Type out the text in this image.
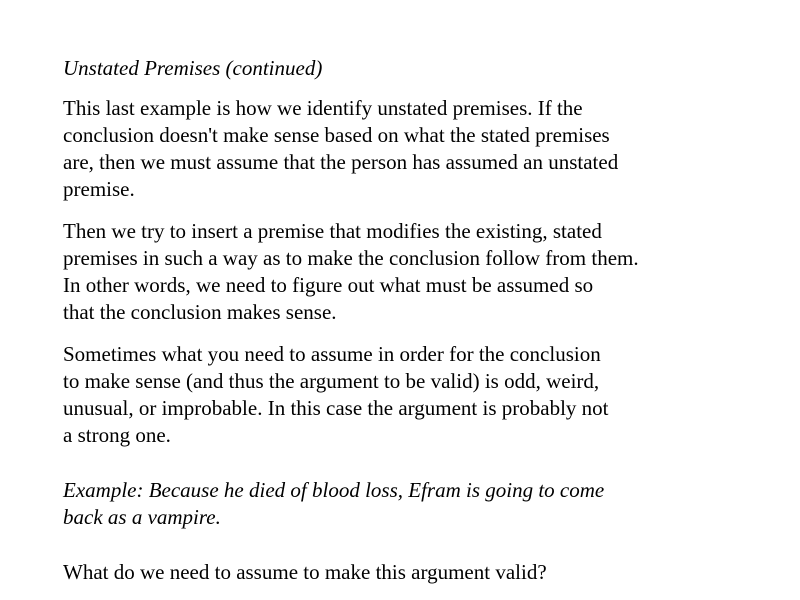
Unstated Premises (continued)
This last example is how we identify unstated premises. If the
conclusion doesn't make sense based on what the stated premises
are, then we must assume that the person has assumed an unstated
premise.
Then we try to insert a premise that modifies the existing, stated
premises in such a way as to make the conclusion follow from them.
In other words, we need to figure out what must be assumed so
that the conclusion makes sense.
Sometimes what you need to assume in order for the conclusion
to make sense (and thus the argument to be valid) is odd, weird,
unusual, or improbable. In this case the argument is probably not
a strong one.
Example: Because he died of blood loss, Efram is going to come
back as a vampire.
What do we need to assume to make this argument valid?
